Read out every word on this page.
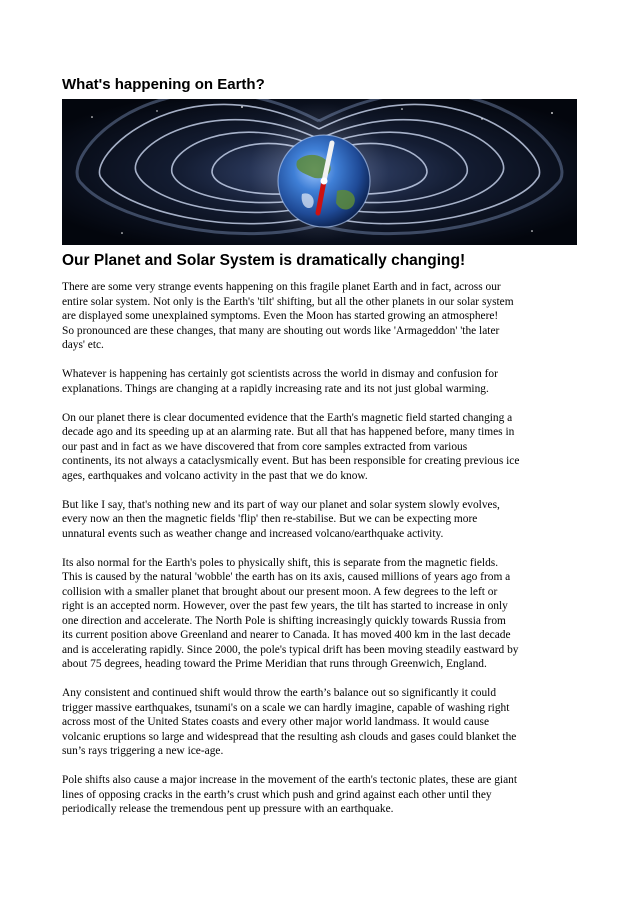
What's happening on Earth?
Our Planet and Solar System is dramatically changing!

There are some very strange events happening on this fragile planet Earth and in fact, across our
entire solar system. Not only is the Earth's 'tilt' shifting, but all the other planets in our solar system
are displayed some unexplained symptoms. Even the Moon has started growing an atmosphere!
So pronounced are these changes, that many are shouting out words like 'Armageddon' 'the later
days' etc.

Whatever is happening has certainly got scientists across the world in dismay and confusion for
explanations. Things are changing at a rapidly increasing rate and its not just global warming.

On our planet there is clear documented evidence that the Earth's magnetic field started changing a
decade ago and its speeding up at an alarming rate. But all that has happened before, many times in
our past and in fact as we have discovered that from core samples extracted from various
continents, its not always a cataclysmically event. But has been responsible for creating previous ice
ages, earthquakes and volcano activity in the past that we do know.

But like I say, that's nothing new and its part of way our planet and solar system slowly evolves,
every now an then the magnetic fields 'flip' then re-stabilise. But we can be expecting more
unnatural events such as weather change and increased volcano/earthquake activity.

Its also normal for the Earth's poles to physically shift, this is separate from the magnetic fields.
This is caused by the natural 'wobble' the earth has on its axis, caused millions of years ago from a
collision with a smaller planet that brought about our present moon. A few degrees to the left or
right is an accepted norm. However, over the past few years, the tilt has started to increase in only
one direction and accelerate. The North Pole is shifting increasingly quickly towards Russia from
its current position above Greenland and nearer to Canada. It has moved 400 km in the last decade
and is accelerating rapidly. Since 2000, the pole's typical drift has been moving steadily eastward by
about 75 degrees, heading toward the Prime Meridian that runs through Greenwich, England.

Any consistent and continued shift would throw the earth’s balance out so significantly it could
trigger massive earthquakes, tsunami's on a scale we can hardly imagine, capable of washing right
across most of the United States coasts and every other major world landmass. It would cause
volcanic eruptions so large and widespread that the resulting ash clouds and gases could blanket the
sun’s rays triggering a new ice-age.

Pole shifts also cause a major increase in the movement of the earth's tectonic plates, these are giant
lines of opposing cracks in the earth’s crust which push and grind against each other until they
periodically release the tremendous pent up pressure with an earthquake.
